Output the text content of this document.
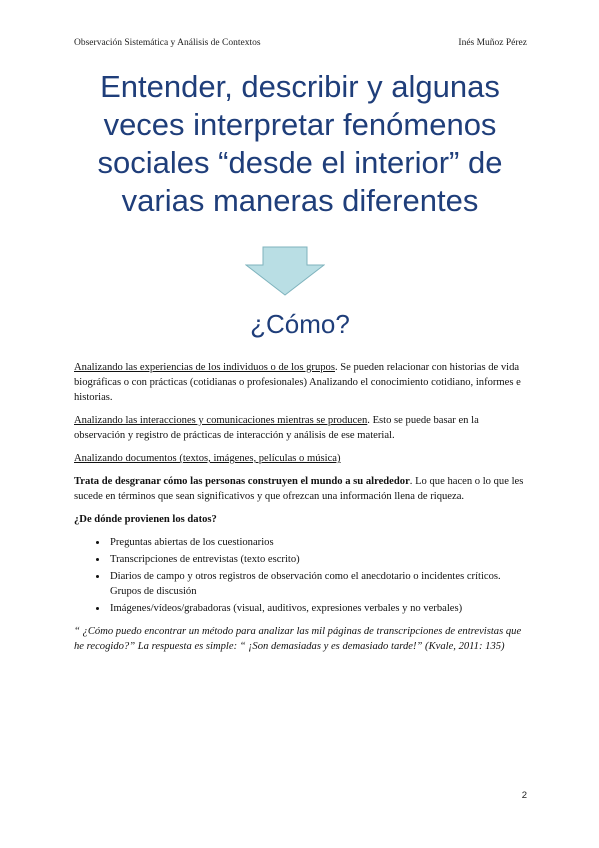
Observación Sistemática y Análisis de Contextos	Inés Muñoz Pérez
Entender, describir y algunas veces interpretar fenómenos sociales “desde el interior” de varias maneras diferentes
¿Cómo?

Analizando las experiencias de los individuos o de los grupos. Se pueden relacionar con historias de vida biográficas o con prácticas (cotidianas o profesionales) Analizando el conocimiento cotidiano, informes e historias.

Analizando las interacciones y comunicaciones mientras se producen. Esto se puede basar en la observación y registro de prácticas de interacción y análisis de ese material.

Analizando documentos (textos, imágenes, películas o música)

Trata de desgranar cómo las personas construyen el mundo a su alrededor. Lo que hacen o lo que les sucede en términos que sean significativos y que ofrezcan una información llena de riqueza.

¿De dónde provienen los datos?

• Preguntas abiertas de los cuestionarios
• Transcripciones de entrevistas (texto escrito)
• Diarios de campo y otros registros de observación como el anecdotario o incidentes críticos. Grupos de discusión
• Imágenes/vídeos/grabadoras (visual, auditivos, expresiones verbales y no verbales)

“ ¿Cómo puedo encontrar un método para analizar las mil páginas de transcripciones de entrevistas que he recogido?” La respuesta es simple: “ ¡Son demasiadas y es demasiado tarde!” (Kvale, 2011: 135)

2
